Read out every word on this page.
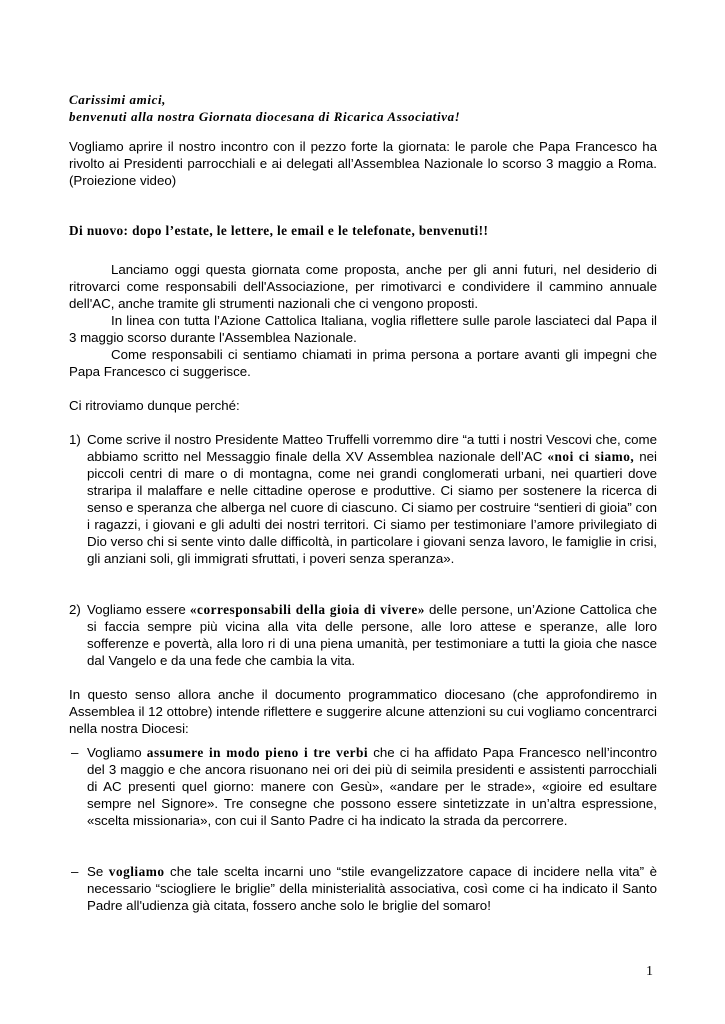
Carissimi amici,
benvenuti alla nostra Giornata diocesana di Ricarica Associativa!
Vogliamo aprire il nostro incontro con il pezzo forte la giornata: le parole che Papa Francesco ha rivolto ai Presidenti parrocchiali e ai delegati all’Assemblea Nazionale lo scorso 3 maggio a Roma. (Proiezione video)
Di nuovo: dopo l’estate, le lettere, le email e le telefonate, benvenuti!!
Lanciamo oggi questa giornata come proposta, anche per gli anni futuri, nel desiderio di ritrovarci come responsabili dell'Associazione, per rimotivarci e condividere il cammino annuale dell'AC, anche tramite gli strumenti nazionali che ci vengono proposti.
In linea con tutta l’Azione Cattolica Italiana, voglia riflettere sulle parole lasciateci dal Papa il 3 maggio scorso durante l'Assemblea Nazionale.
Come responsabili ci sentiamo chiamati in prima persona a portare avanti gli impegni che Papa Francesco ci suggerisce.
Ci ritroviamo dunque perché:
1) Come scrive il nostro Presidente Matteo Truffelli vorremmo dire “a tutti i nostri Vescovi che, come abbiamo scritto nel Messaggio finale della XV Assemblea nazionale dell’AC «noi ci siamo, nei piccoli centri di mare o di montagna, come nei grandi conglomerati urbani, nei quartieri dove straripa il malaffare e nelle cittadine operose e produttive. Ci siamo per sostenere la ricerca di senso e speranza che alberga nel cuore di ciascuno. Ci siamo per costruire “sentieri di gioia” con i ragazzi, i giovani e gli adulti dei nostri territori. Ci siamo per testimoniare l’amore privilegiato di Dio verso chi si sente vinto dalle difficoltà, in particolare i giovani senza lavoro, le famiglie in crisi, gli anziani soli, gli immigrati sfruttati, i poveri senza speranza».
2) Vogliamo essere «corresponsabili della gioia di vivere» delle persone, un’Azione Cattolica che si faccia sempre più vicina alla vita delle persone, alle loro attese e speranze, alle loro sofferenze e povertà, alla loro ri di una piena umanità, per testimoniare a tutti la gioia che nasce dal Vangelo e da una fede che cambia la vita.
In questo senso allora anche il documento programmatico diocesano (che approfondiremo in Assemblea il 12 ottobre) intende riflettere e suggerire alcune attenzioni su cui vogliamo concentrarci nella nostra Diocesi:
– Vogliamo assumere in modo pieno i tre verbi che ci ha affidato Papa Francesco nell’incontro del 3 maggio e che ancora risuonano nei ori dei più di seimila presidenti e assistenti parrocchiali di AC presenti quel giorno: manere con Gesù», «andare per le strade», «gioire ed esultare sempre nel Signore». Tre consegne che possono essere sintetizzate in un’altra espressione, «scelta missionaria», con cui il Santo Padre ci ha indicato la strada da percorrere.
– Se vogliamo che tale scelta incarni uno “stile evangelizzatore capace di incidere nella vita” è necessario “sciogliere le briglie” della ministerialità associativa, così come ci ha indicato il Santo Padre all'udienza già citata, fossero anche solo le briglie del somaro!
1
